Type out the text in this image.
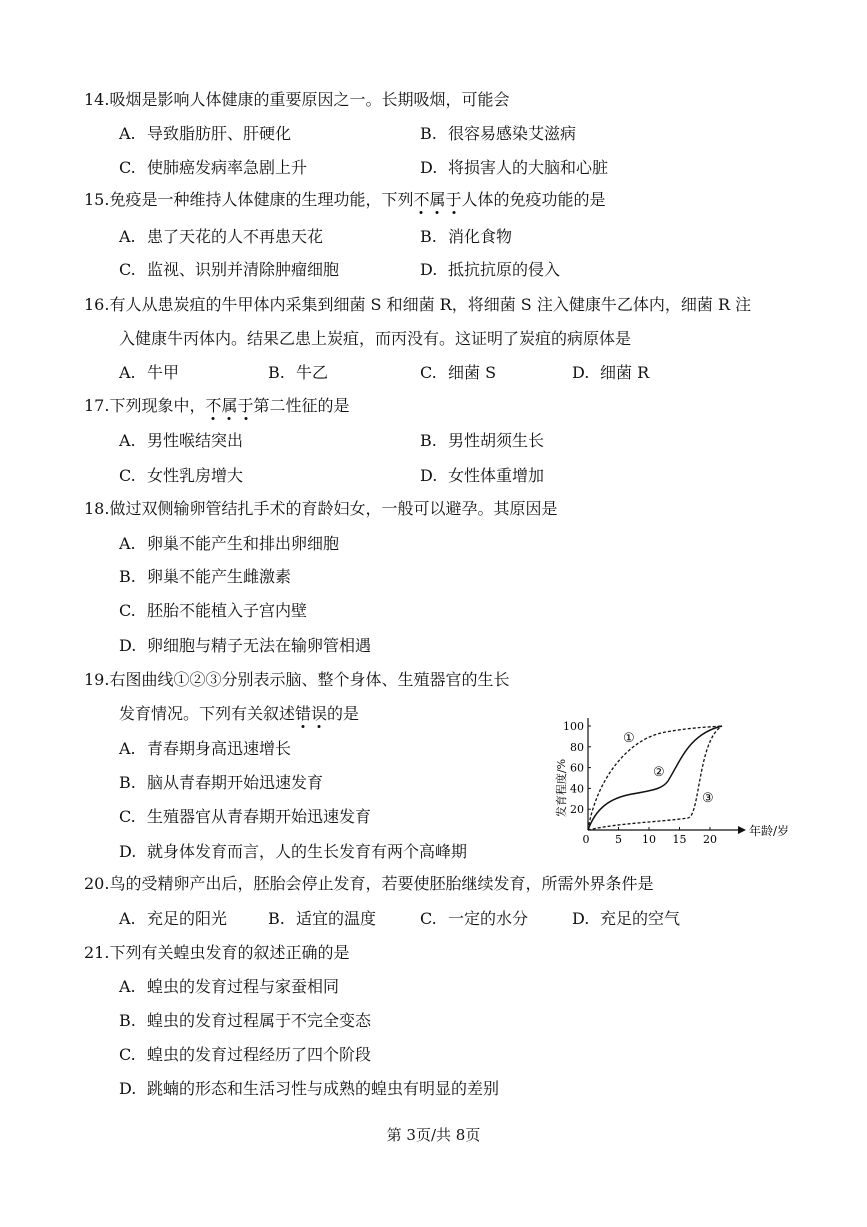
14.吸烟是影响人体健康的重要原因之一。长期吸烟，可能会
A. 导致脂肪肝、肝硬化	B. 很容易感染艾滋病
C. 使肺癌发病率急剧上升	D. 将损害人的大脑和心脏
15.免疫是一种维持人体健康的生理功能，下列不属于人体的免疫功能的是
A. 患了天花的人不再患天花	B. 消化食物
C. 监视、识别并清除肿瘤细胞	D. 抵抗抗原的侵入
16.有人从患炭疽的牛甲体内采集到细菌 S 和细菌 R，将细菌 S 注入健康牛乙体内，细菌 R 注
入健康牛丙体内。结果乙患上炭疽，而丙没有。这证明了炭疽的病原体是
A. 牛甲	B. 牛乙	C. 细菌 S	D. 细菌 R
17.下列现象中，不属于第二性征的是
A. 男性喉结突出	B. 男性胡须生长
C. 女性乳房增大	D. 女性体重增加
18.做过双侧输卵管结扎手术的育龄妇女，一般可以避孕。其原因是
A. 卵巢不能产生和排出卵细胞
B. 卵巢不能产生雌激素
C. 胚胎不能植入子宫内壁
D. 卵细胞与精子无法在输卵管相遇
19.右图曲线①②③分别表示脑、整个身体、生殖器官的生长
发育情况。下列有关叙述错误的是
A. 青春期身高迅速增长
B. 脑从青春期开始迅速发育
C. 生殖器官从青春期开始迅速发育
D. 就身体发育而言，人的生长发育有两个高峰期
发育程度/% 20
40
60
80
100
0 5 10 15 20
年龄/岁
①
②
③
20.鸟的受精卵产出后，胚胎会停止发育，若要使胚胎继续发育，所需外界条件是
A. 充足的阳光	B. 适宜的温度	C. 一定的水分	D. 充足的空气
21.下列有关蝗虫发育的叙述正确的是
A. 蝗虫的发育过程与家蚕相同
B. 蝗虫的发育过程属于不完全变态
C. 蝗虫的发育过程经历了四个阶段
D. 跳蝻的形态和生活习性与成熟的蝗虫有明显的差别
第 3页/共 8页
